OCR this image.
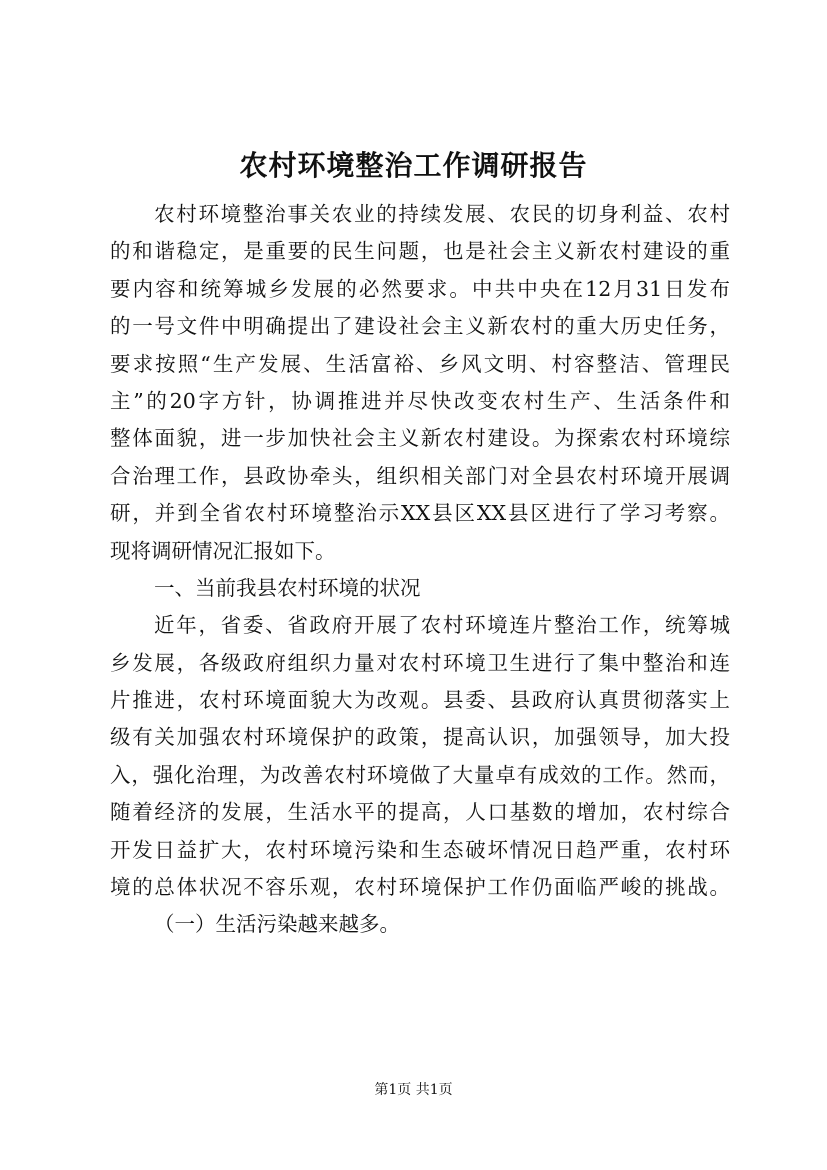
农村环境整治工作调研报告
农村环境整治事关农业的持续发展、农民的切身利益、农村
的和谐稳定，是重要的民生问题，也是社会主义新农村建设的重
要内容和统筹城乡发展的必然要求。中共中央在12月31日发布
的一号文件中明确提出了建设社会主义新农村的重大历史任务，
要求按照“生产发展、生活富裕、乡风文明、村容整洁、管理民
主”的20字方针，协调推进并尽快改变农村生产、生活条件和
整体面貌，进一步加快社会主义新农村建设。为探索农村环境综
合治理工作，县政协牵头，组织相关部门对全县农村环境开展调
研，并到全省农村环境整治示XX县区XX县区进行了学习考察。
现将调研情况汇报如下。
一、当前我县农村环境的状况
近年，省委、省政府开展了农村环境连片整治工作，统筹城
乡发展，各级政府组织力量对农村环境卫生进行了集中整治和连
片推进，农村环境面貌大为改观。县委、县政府认真贯彻落实上
级有关加强农村环境保护的政策，提高认识，加强领导，加大投
入，强化治理，为改善农村环境做了大量卓有成效的工作。然而，
随着经济的发展，生活水平的提高，人口基数的增加，农村综合
开发日益扩大，农村环境污染和生态破坏情况日趋严重，农村环
境的总体状况不容乐观，农村环境保护工作仍面临严峻的挑战。
（一）生活污染越来越多。
第1页 共1页
